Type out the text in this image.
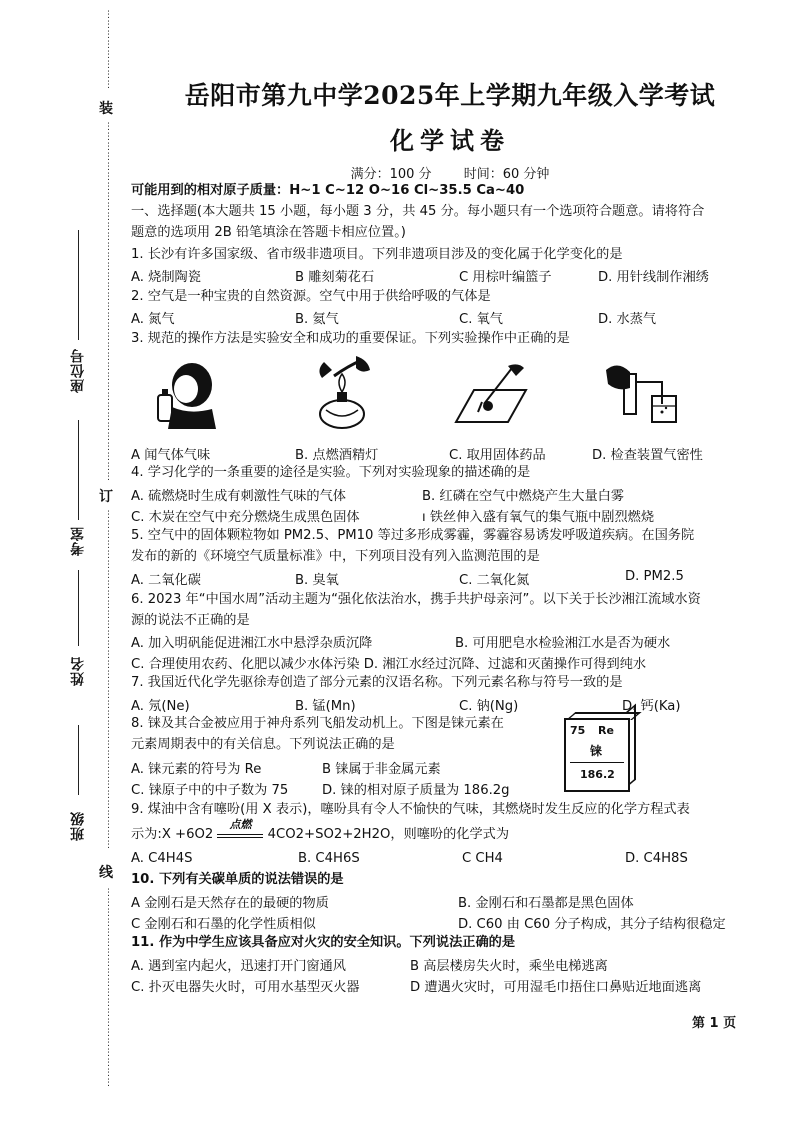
⋮
⋮
⋮
⋮
⋮
⋮
⋮
⋮
装
⋮
⋮
⋮
⋮
⋮
⋮
⋮
⋮
⋮
⋮
⋮
⋮
⋮
⋮
⋮
⋮
⋮
⋮
⋮
⋮
⋮
⋮
⋮
⋮
⋮
⋮
⋮
⋮
⋮
⋮
⋮
⋮
⋮
⋮
⋮
⋮
订
⋮
⋮
⋮
⋮
⋮
⋮
⋮
⋮
⋮
⋮
⋮
⋮
⋮
⋮
⋮
⋮
⋮
⋮
⋮
⋮
⋮
⋮
⋮
⋮
⋮
⋮
⋮
⋮
⋮
⋮
⋮
⋮
⋮
⋮
线
⋮
⋮
⋮
⋮
⋮
⋮
⋮
⋮
⋮
⋮
⋮
⋮
⋮
⋮
⋮
⋮
⋮
⋮
⋮
⋮
座位号
考室
姓名
班级
岳阳市第九中学2025年上学期九年级入学考试
化学试卷
满分：100 分 时间：60 分钟
可能用到的相对原子质量：H~1 C~12 O~16 Cl~35.5 Ca~40
一、选择题(本大题共 15 小题，每小题 3 分，共 45 分。每小题只有一个选项符合题意。请将符合
题意的选项用 2B 铅笔填涂在答题卡相应位置。)
1. 长沙有许多国家级、省市级非遗项目。下列非遗项目涉及的变化属于化学变化的是
A. 烧制陶瓷	B 雕刻菊花石	C 用棕叶编篮子	D. 用针线制作湘绣
2. 空气是一种宝贵的自然资源。空气中用于供给呼吸的气体是
A. 氮气	B. 氦气	C. 氧气	D. 水蒸气
3. 规范的操作方法是实验安全和成功的重要保证。下列实验操作中正确的是
A 闻气体气味	B. 点燃酒精灯	C. 取用固体药品	D. 检查装置气密性
4. 学习化学的一条重要的途径是实验。下列对实验现象的描述确的是
A. 硫燃烧时生成有刺激性气味的气体	B. 红磷在空气中燃烧产生大量白雾
C. 木炭在空气中充分燃烧生成黑色固体	ı 铁丝伸入盛有氧气的集气瓶中剧烈燃烧
5. 空气中的固体颗粒物如 PM2.5、PM10 等过多形成雾霾，雾霾容易诱发呼吸道疾病。在国务院
发布的新的《环境空气质量标准》中，下列项目没有列入监测范围的是
A. 二氧化碳	B. 臭氧	C. 二氧化氮	D. PM2.5
6. 2023 年“中国水周”活动主题为“强化依法治水，携手共护母亲河”。以下关于长沙湘江流域水资
源的说法不正确的是
A. 加入明矾能促进湘江水中悬浮杂质沉降	B. 可用肥皂水检验湘江水是否为硬水
C. 合理使用农药、化肥以减少水体污染 D. 湘江水经过沉降、过滤和灭菌操作可得到纯水
7. 我国近代化学先驱徐寿创造了部分元素的汉语名称。下列元素名称与符号一致的是
A. 氖(Ne)	B. 锰(Mn)	C. 钠(Ng)	D. 钙(Ka)
8. 铼及其合金被应用于神舟系列飞船发动机上。下图是铼元素在
元素周期表中的有关信息。下列说法正确的是
A. 铼元素的符号为 Re	B 铼属于非金属元素
C. 铼原子中的中子数为 75	D. 铼的相对原子质量为 186.2g
75 Re
铼
186.2
9. 煤油中含有噻吩(用 X 表示)，噻吩具有令人不愉快的气味，其燃烧时发生反应的化学方程式表
示为:X +6O2
点燃
4CO2+SO2+2H2O，则噻吩的化学式为
A. C4H4S	B. C4H6S	C CH4	D. C4H8S
10. 下列有关碳单质的说法错误的是
A 金刚石是天然存在的最硬的物质	B. 金刚石和石墨都是黑色固体
C 金刚石和石墨的化学性质相似	D. C60 由 C60 分子构成，其分子结构很稳定
11. 作为中学生应该具备应对火灾的安全知识。下列说法正确的是
A. 遇到室内起火，迅速打开门窗通风	B 高层楼房失火时，乘坐电梯逃离
C. 扑灭电器失火时，可用水基型灭火器	D 遭遇火灾时，可用湿毛巾捂住口鼻贴近地面逃离
第 1 页
